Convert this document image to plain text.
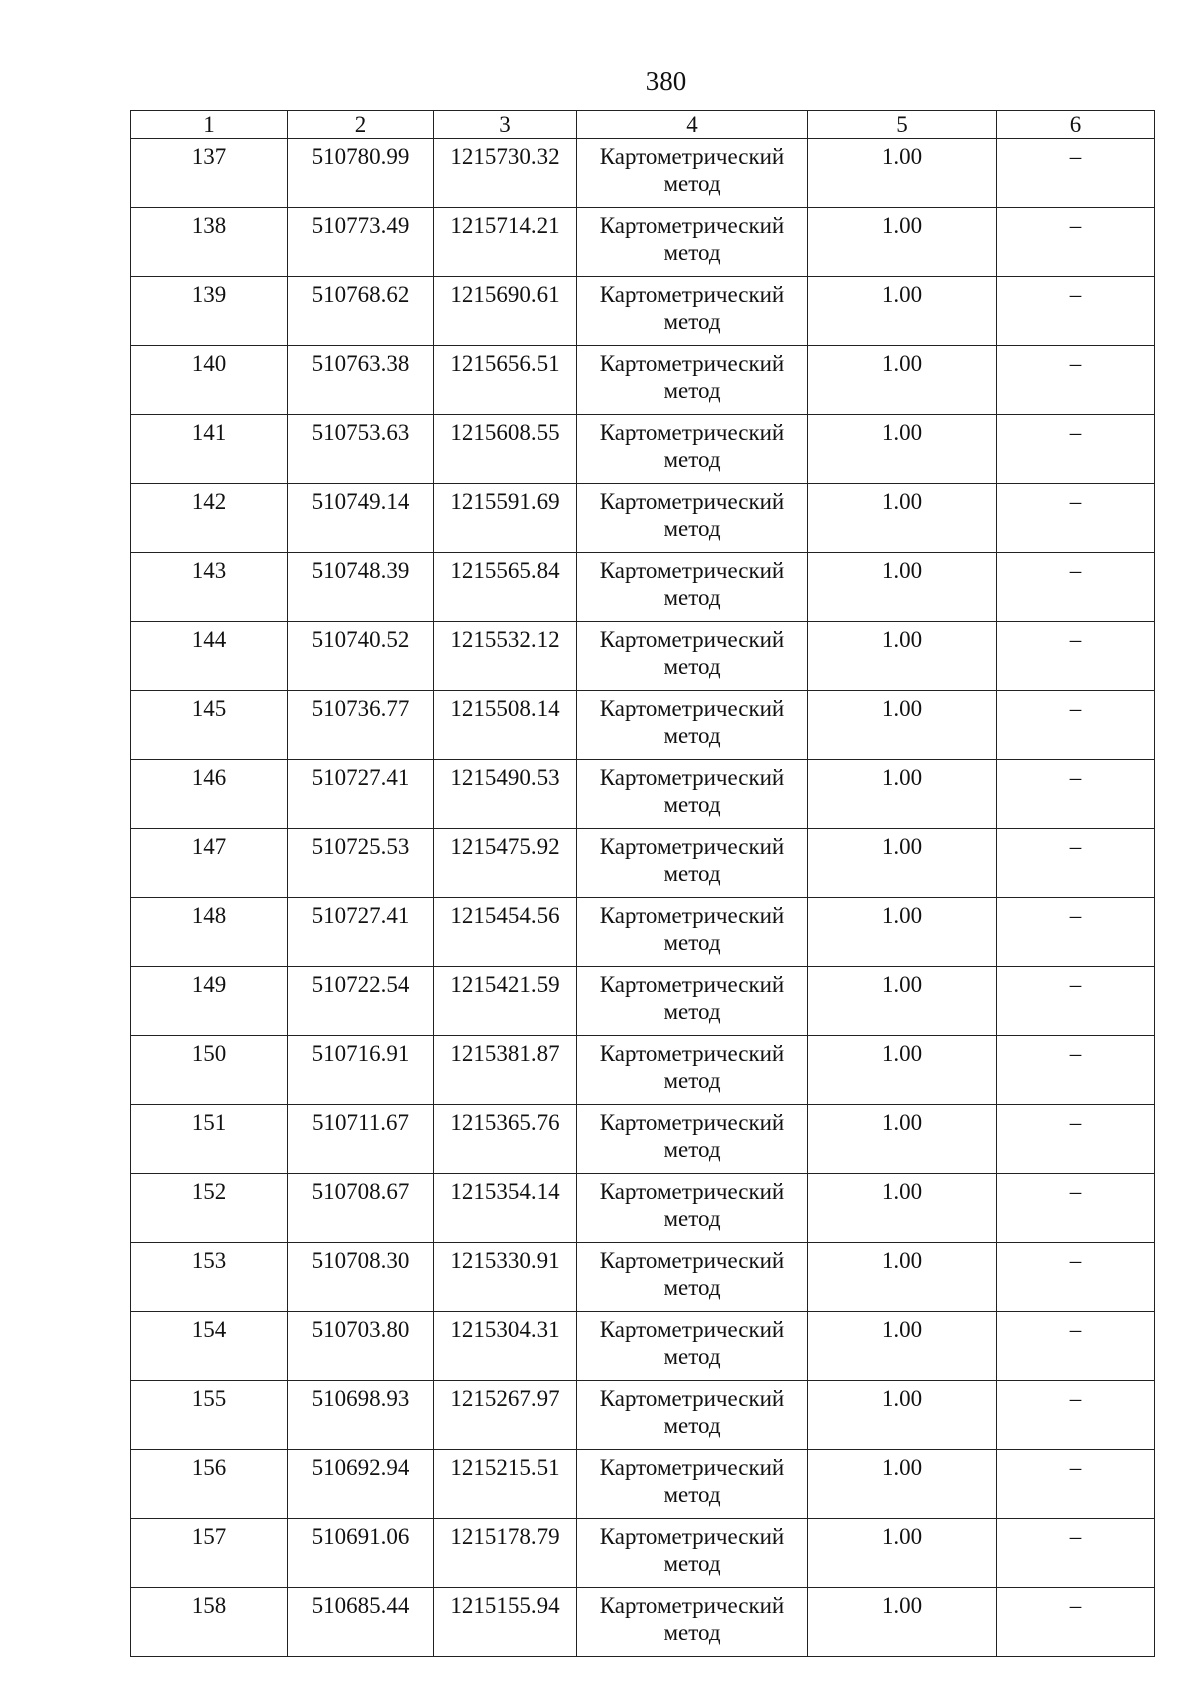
380
1	2	3	4	5	6
137	510780.99	1215730.32	Картометрический метод	1.00	–
138	510773.49	1215714.21	Картометрический метод	1.00	–
139	510768.62	1215690.61	Картометрический метод	1.00	–
140	510763.38	1215656.51	Картометрический метод	1.00	–
141	510753.63	1215608.55	Картометрический метод	1.00	–
142	510749.14	1215591.69	Картометрический метод	1.00	–
143	510748.39	1215565.84	Картометрический метод	1.00	–
144	510740.52	1215532.12	Картометрический метод	1.00	–
145	510736.77	1215508.14	Картометрический метод	1.00	–
146	510727.41	1215490.53	Картометрический метод	1.00	–
147	510725.53	1215475.92	Картометрический метод	1.00	–
148	510727.41	1215454.56	Картометрический метод	1.00	–
149	510722.54	1215421.59	Картометрический метод	1.00	–
150	510716.91	1215381.87	Картометрический метод	1.00	–
151	510711.67	1215365.76	Картометрический метод	1.00	–
152	510708.67	1215354.14	Картометрический метод	1.00	–
153	510708.30	1215330.91	Картометрический метод	1.00	–
154	510703.80	1215304.31	Картометрический метод	1.00	–
155	510698.93	1215267.97	Картометрический метод	1.00	–
156	510692.94	1215215.51	Картометрический метод	1.00	–
157	510691.06	1215178.79	Картометрический метод	1.00	–
158	510685.44	1215155.94	Картометрический метод	1.00	–
